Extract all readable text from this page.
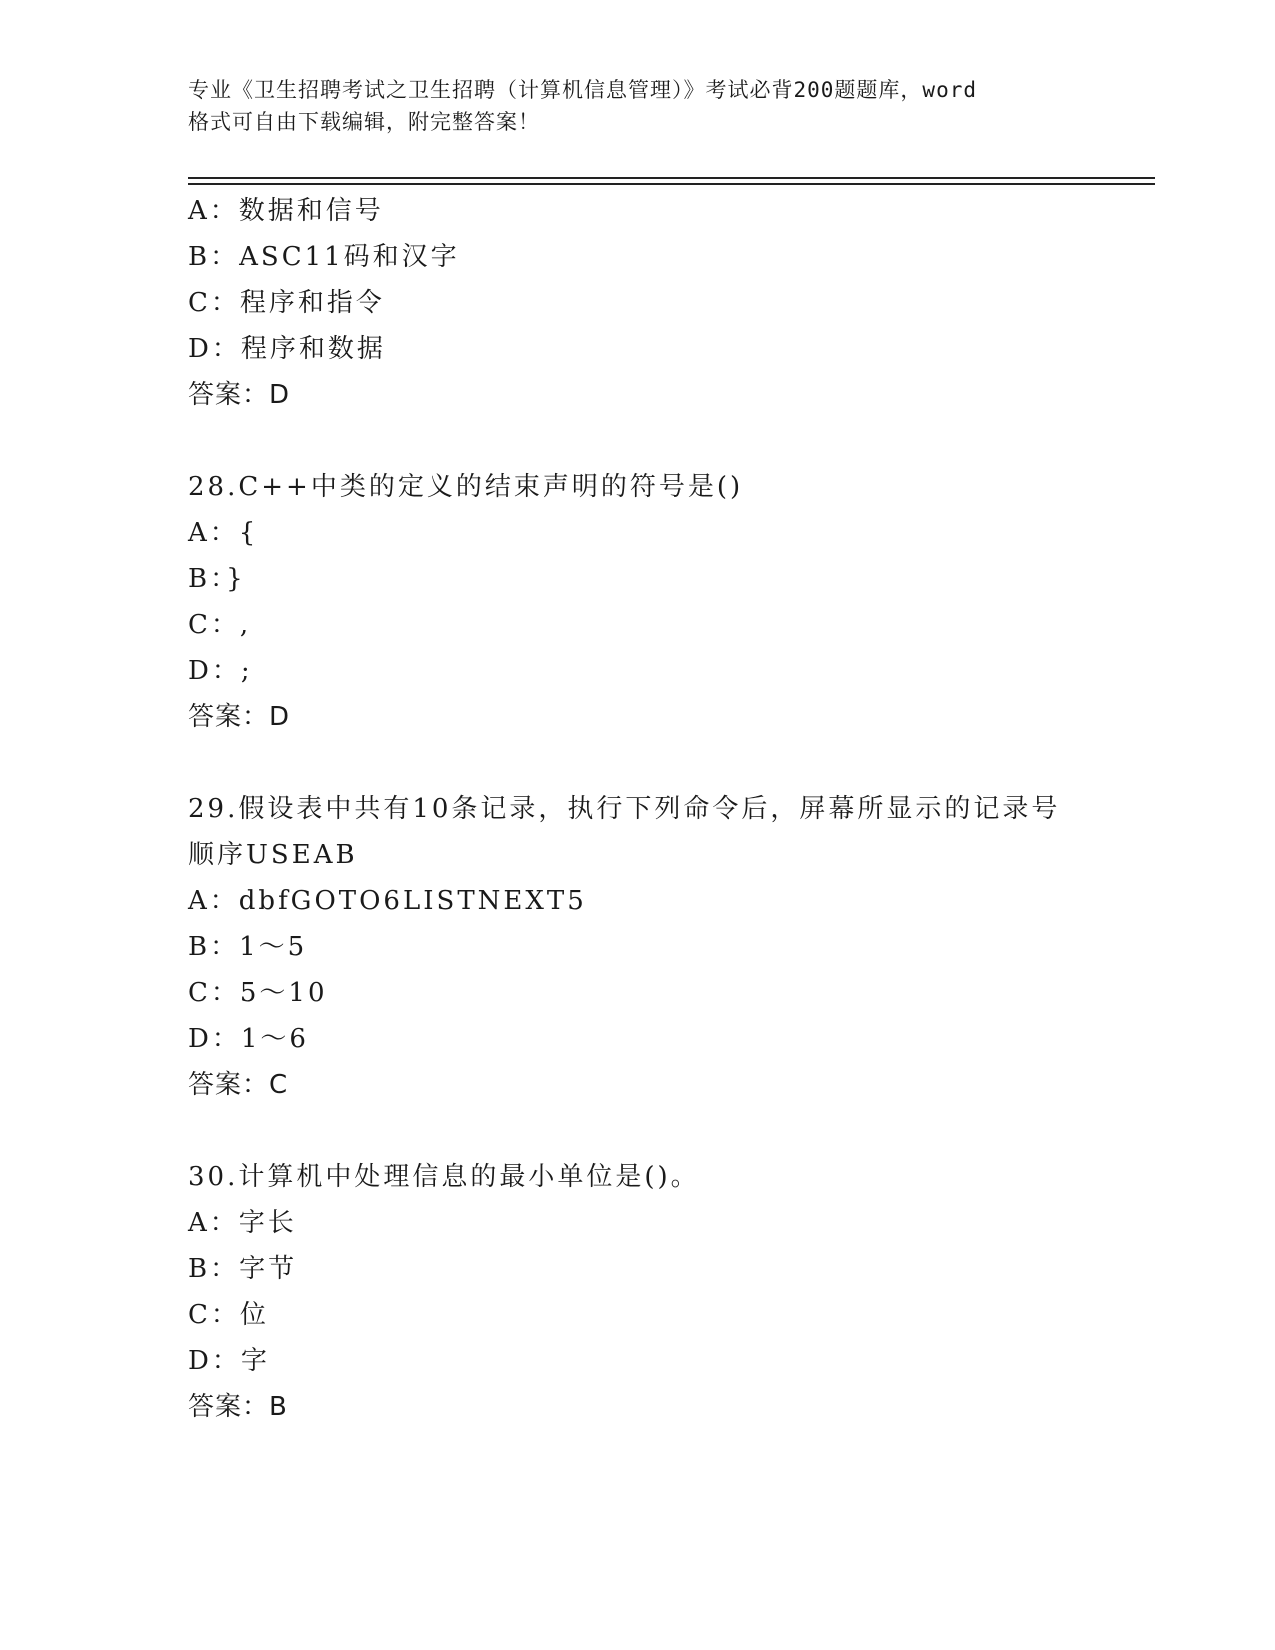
专业《卫生招聘考试之卫生招聘（计算机信息管理）》考试必背200题题库，word
格式可自由下载编辑，附完整答案！
A：数据和信号
B：ASC11码和汉字
C：程序和指令
D：程序和数据
答案：D
28.C++中类的定义的结束声明的符号是()
A：{
B：}
C：,
D：;
答案：D
29.假设表中共有10条记录，执行下列命令后，屏幕所显示的记录号
顺序USEAB
A：dbfGOTO6LISTNEXT5
B：1～5
C：5～10
D：1～6
答案：C
30.计算机中处理信息的最小单位是()。
A：字长
B：字节
C：位
D：字
答案：B
